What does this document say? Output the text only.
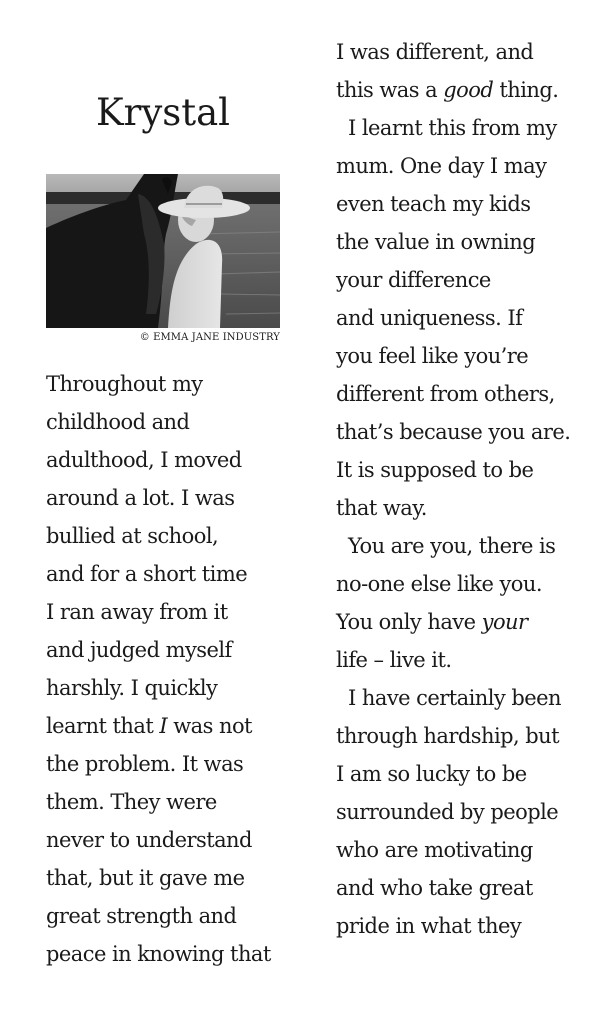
Krystal
© EMMA JANE INDUSTRY
Throughout my
childhood and
adulthood, I moved
around a lot. I was
bullied at school,
and for a short time
I ran away from it
and judged myself
harshly. I quickly
learnt that I was not
the problem. It was
them. They were
never to understand
that, but it gave me
great strength and
peace in knowing that
I was different, and
this was a good thing.
I learnt this from my
mum. One day I may
even teach my kids
the value in owning
your difference
and uniqueness. If
you feel like you’re
different from others,
that’s because you are.
It is supposed to be
that way.
You are you, there is
no-one else like you.
You only have your
life – live it.
I have certainly been
through hardship, but
I am so lucky to be
surrounded by people
who are motivating
and who take great
pride in what they
